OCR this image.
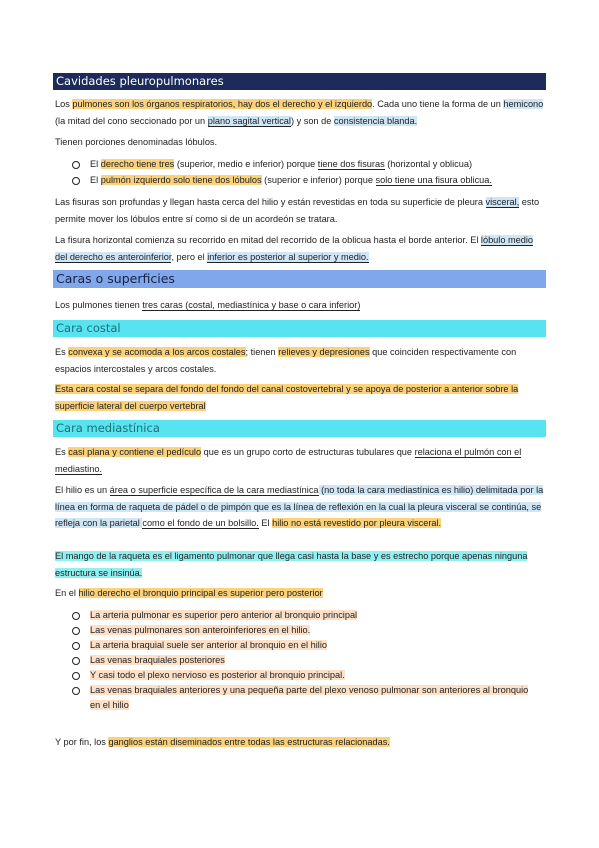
Cavidades pleuropulmonares

Los pulmones son los órganos respiratorios, hay dos el derecho y el izquierdo. Cada uno tiene la forma de un hemicono (la mitad del cono seccionado por un plano sagital vertical) y son de consistencia blanda.

Tienen porciones denominadas lóbulos.

El derecho tiene tres (superior, medio e inferior) porque tiene dos fisuras (horizontal y oblicua)
El pulmón izquierdo solo tiene dos lóbulos (superior e inferior) porque solo tiene una fisura oblicua.

Las fisuras son profundas y llegan hasta cerca del hilio y están revestidas en toda su superficie de pleura visceral, esto permite mover los lóbulos entre sí como si de un acordeón se tratara.

La fisura horizontal comienza su recorrido en mitad del recorrido de la oblicua hasta el borde anterior. El lóbulo medio del derecho es anteroinferior, pero el inferior es posterior al superior y medio.

Caras o superficies

Los pulmones tienen tres caras (costal, mediastínica y base o cara inferior)

Cara costal

Es convexa y se acomoda a los arcos costales; tienen relieves y depresiones que coinciden respectivamente con espacios intercostales y arcos costales.

Esta cara costal se separa del fondo del fondo del canal costovertebral y se apoya de posterior a anterior sobre la superficie lateral del cuerpo vertebral

Cara mediastínica

Es casi plana y contiene el pedículo que es un grupo corto de estructuras tubulares que relaciona el pulmón con el mediastino.

El hilio es un área o superficie específica de la cara mediastínica (no toda la cara mediastínica es hilio) delimitada por la línea en forma de raqueta de pádel o de pimpón que es la línea de reflexión en la cual la pleura visceral se continúa, se refleja con la parietal como el fondo de un bolsillo. El hilio no está revestido por pleura visceral.

El mango de la raqueta es el ligamento pulmonar que llega casi hasta la base y es estrecho porque apenas ninguna estructura se insinúa.

En el hilio derecho el bronquio principal es superior pero posterior

La arteria pulmonar es superior pero anterior al bronquio principal
Las venas pulmonares son anteroinferiores en el hilio.
La arteria braquial suele ser anterior al bronquio en el hilio
Las venas braquiales posteriores
Y casi todo el plexo nervioso es posterior al bronquio principal.
Las venas braquiales anteriores y una pequeña parte del plexo venoso pulmonar son anteriores al bronquio en el hilio

Y por fin, los ganglios están diseminados entre todas las estructuras relacionadas.
